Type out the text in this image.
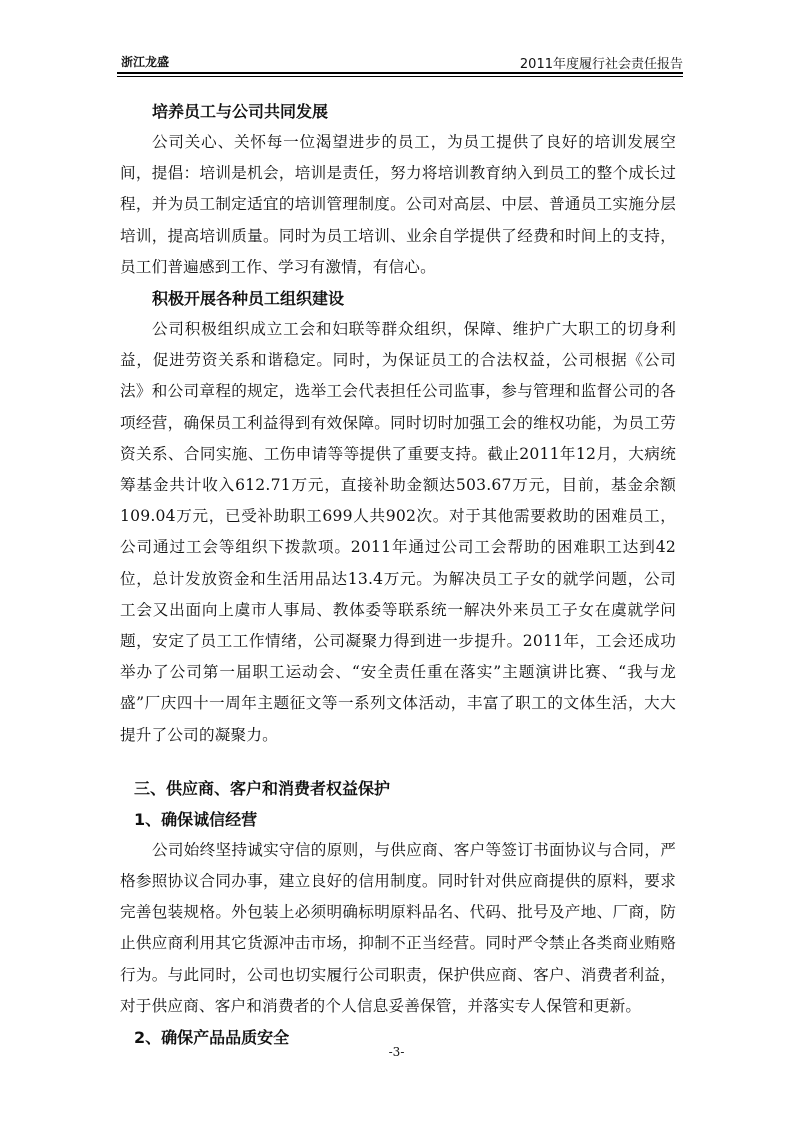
浙江龙盛	2011年度履行社会责任报告

培养员工与公司共同发展

公司关心、关怀每一位渴望进步的员工，为员工提供了良好的培训发展空间，提倡：培训是机会，培训是责任，努力将培训教育纳入到员工的整个成长过程，并为员工制定适宜的培训管理制度。公司对高层、中层、普通员工实施分层培训，提高培训质量。同时为员工培训、业余自学提供了经费和时间上的支持，员工们普遍感到工作、学习有激情，有信心。

积极开展各种员工组织建设

公司积极组织成立工会和妇联等群众组织，保障、维护广大职工的切身利益，促进劳资关系和谐稳定。同时，为保证员工的合法权益，公司根据《公司法》和公司章程的规定，选举工会代表担任公司监事，参与管理和监督公司的各项经营，确保员工利益得到有效保障。同时切时加强工会的维权功能，为员工劳资关系、合同实施、工伤申请等等提供了重要支持。截止2011年12月，大病统筹基金共计收入612.71万元，直接补助金额达503.67万元，目前，基金余额109.04万元，已受补助职工699人共902次。对于其他需要救助的困难员工，公司通过工会等组织下拨款项。2011年通过公司工会帮助的困难职工达到42位，总计发放资金和生活用品达13.4万元。为解决员工子女的就学问题，公司工会又出面向上虞市人事局、教体委等联系统一解决外来员工子女在虞就学问题，安定了员工工作情绪，公司凝聚力得到进一步提升。2011年，工会还成功举办了公司第一届职工运动会、“安全责任重在落实”主题演讲比赛、“我与龙盛”厂庆四十一周年主题征文等一系列文体活动，丰富了职工的文体生活，大大提升了公司的凝聚力。

三、供应商、客户和消费者权益保护

1、确保诚信经营

公司始终坚持诚实守信的原则，与供应商、客户等签订书面协议与合同，严格参照协议合同办事，建立良好的信用制度。同时针对供应商提供的原料，要求完善包装规格。外包装上必须明确标明原料品名、代码、批号及产地、厂商，防止供应商利用其它货源冲击市场，抑制不正当经营。同时严令禁止各类商业贿赂行为。与此同时，公司也切实履行公司职责，保护供应商、客户、消费者利益，对于供应商、客户和消费者的个人信息妥善保管，并落实专人保管和更新。

2、确保产品品质安全

-3-
